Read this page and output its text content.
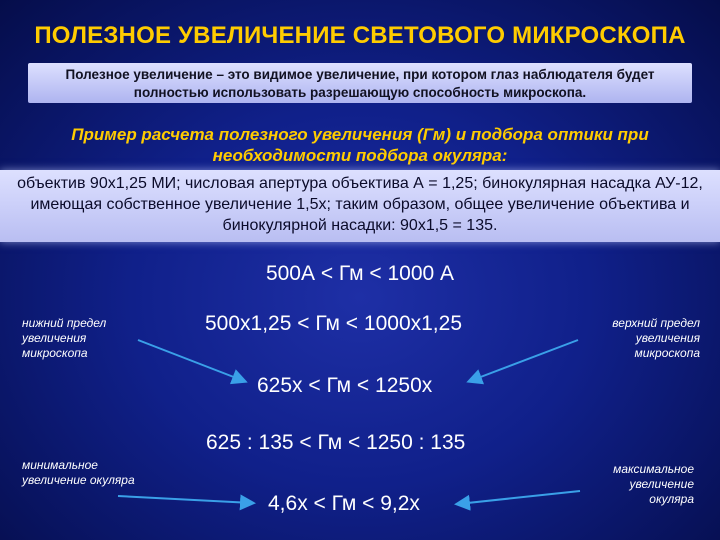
ПОЛЕЗНОЕ УВЕЛИЧЕНИЕ СВЕТОВОГО МИКРОСКОПА
Полезное увеличение – это видимое увеличение, при котором глаз наблюдателя будет полностью использовать разрешающую способность микроскопа.
Пример расчета полезного увеличения (Гм) и подбора оптики при необходимости подбора окуляра:
объектив 90х1,25 МИ; числовая апертура объектива А = 1,25; бинокулярная насадка АУ-12, имеющая собственное увеличение 1,5х; таким образом, общее увеличение объектива и бинокулярной насадки: 90х1,5 = 135.
500А < Гм < 1000 А
500х1,25 < Гм < 1000х1,25
625х < Гм < 1250х
625 : 135 < Гм < 1250 : 135
4,6х < Гм < 9,2х
нижний предел увеличения микроскопа
верхний предел увеличения микроскопа
минимальное увеличение окуляра
максимальное увеличение окуляра
